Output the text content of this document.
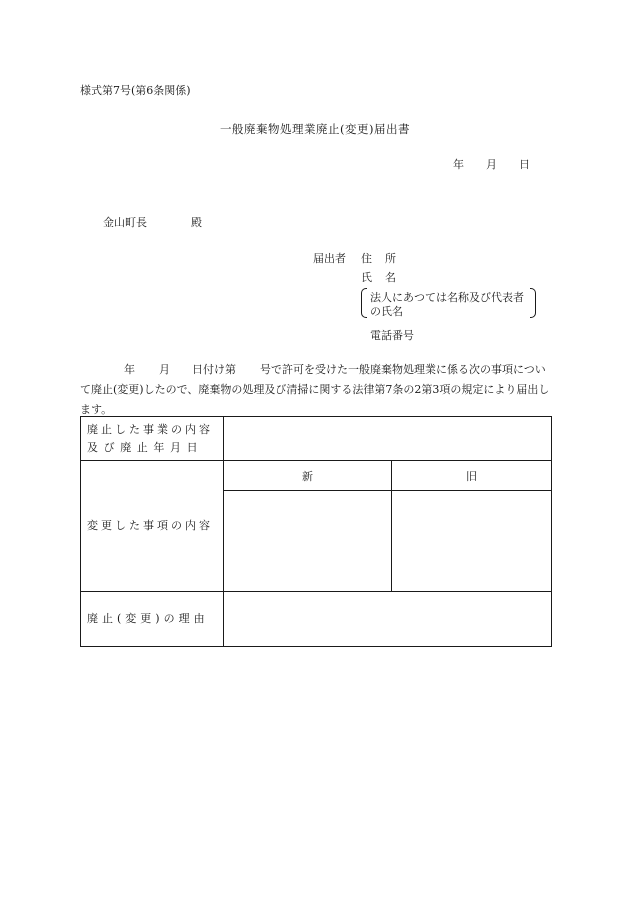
様式第7号(第6条関係)
一般廃棄物処理業廃止(変更)届出書
年 月 日
金山町長	殿
届出者 住　所
氏　名
法人にあつては名称及び代表者
の氏名
電話番号
年 月 日付け第 号で許可を受けた一般廃棄物処理業に係る次の事項について廃止(変更)したので、廃棄物の処理及び清掃に関する法律第7条の2第3項の規定により届出します。
廃止した事業の内容
及び廃止年月日		

変更した事項の内容	新	旧

廃止(変更)の理由		
